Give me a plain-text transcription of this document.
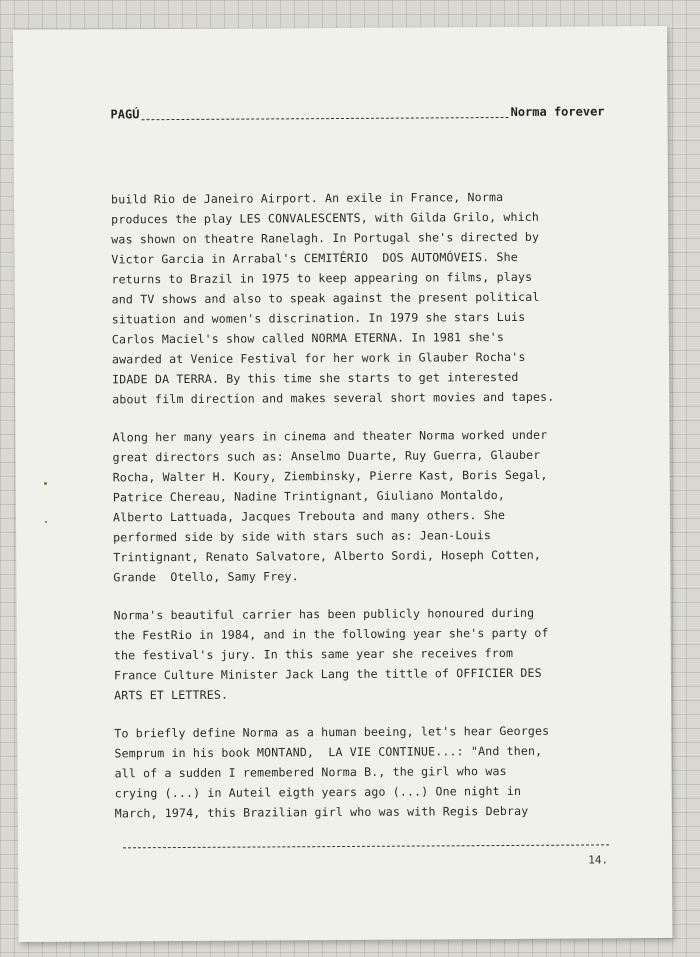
PAGÚ	Norma forever
build Rio de Janeiro Airport. An exile in France, Norma
produces the play LES CONVALESCENTS, with Gilda Grilo, which
was shown on theatre Ranelagh. In Portugal she's directed by
Victor Garcia in Arrabal's CEMITÉRIO  DOS AUTOMÓVEIS. She
returns to Brazil in 1975 to keep appearing on films, plays
and TV shows and also to speak against the present political
situation and women's discrination. In 1979 she stars Luis
Carlos Maciel's show called NORMA ETERNA. In 1981 she's
awarded at Venice Festival for her work in Glauber Rocha's
IDADE DA TERRA. By this time she starts to get interested
about film direction and makes several short movies and tapes.
Along her many years in cinema and theater Norma worked under
great directors such as: Anselmo Duarte, Ruy Guerra, Glauber
Rocha, Walter H. Koury, Ziembinsky, Pierre Kast, Boris Segal,
Patrice Chereau, Nadine Trintignant, Giuliano Montaldo,
Alberto Lattuada, Jacques Trebouta and many others. She
performed side by side with stars such as: Jean-Louis
Trintignant, Renato Salvatore, Alberto Sordi, Hoseph Cotten,
Grande  Otello, Samy Frey.
Norma's beautiful carrier has been publicly honoured during
the FestRio in 1984, and in the following year she's party of
the festival's jury. In this same year she receives from
France Culture Minister Jack Lang the tittle of OFFICIER DES
ARTS ET LETTRES.
To briefly define Norma as a human beeing, let's hear Georges
Semprum in his book MONTAND,  LA VIE CONTINUE...: "And then,
all of a sudden I remembered Norma B., the girl who was
crying (...) in Auteil eigth years ago (...) One night in
March, 1974, this Brazilian girl who was with Regis Debray
14.
